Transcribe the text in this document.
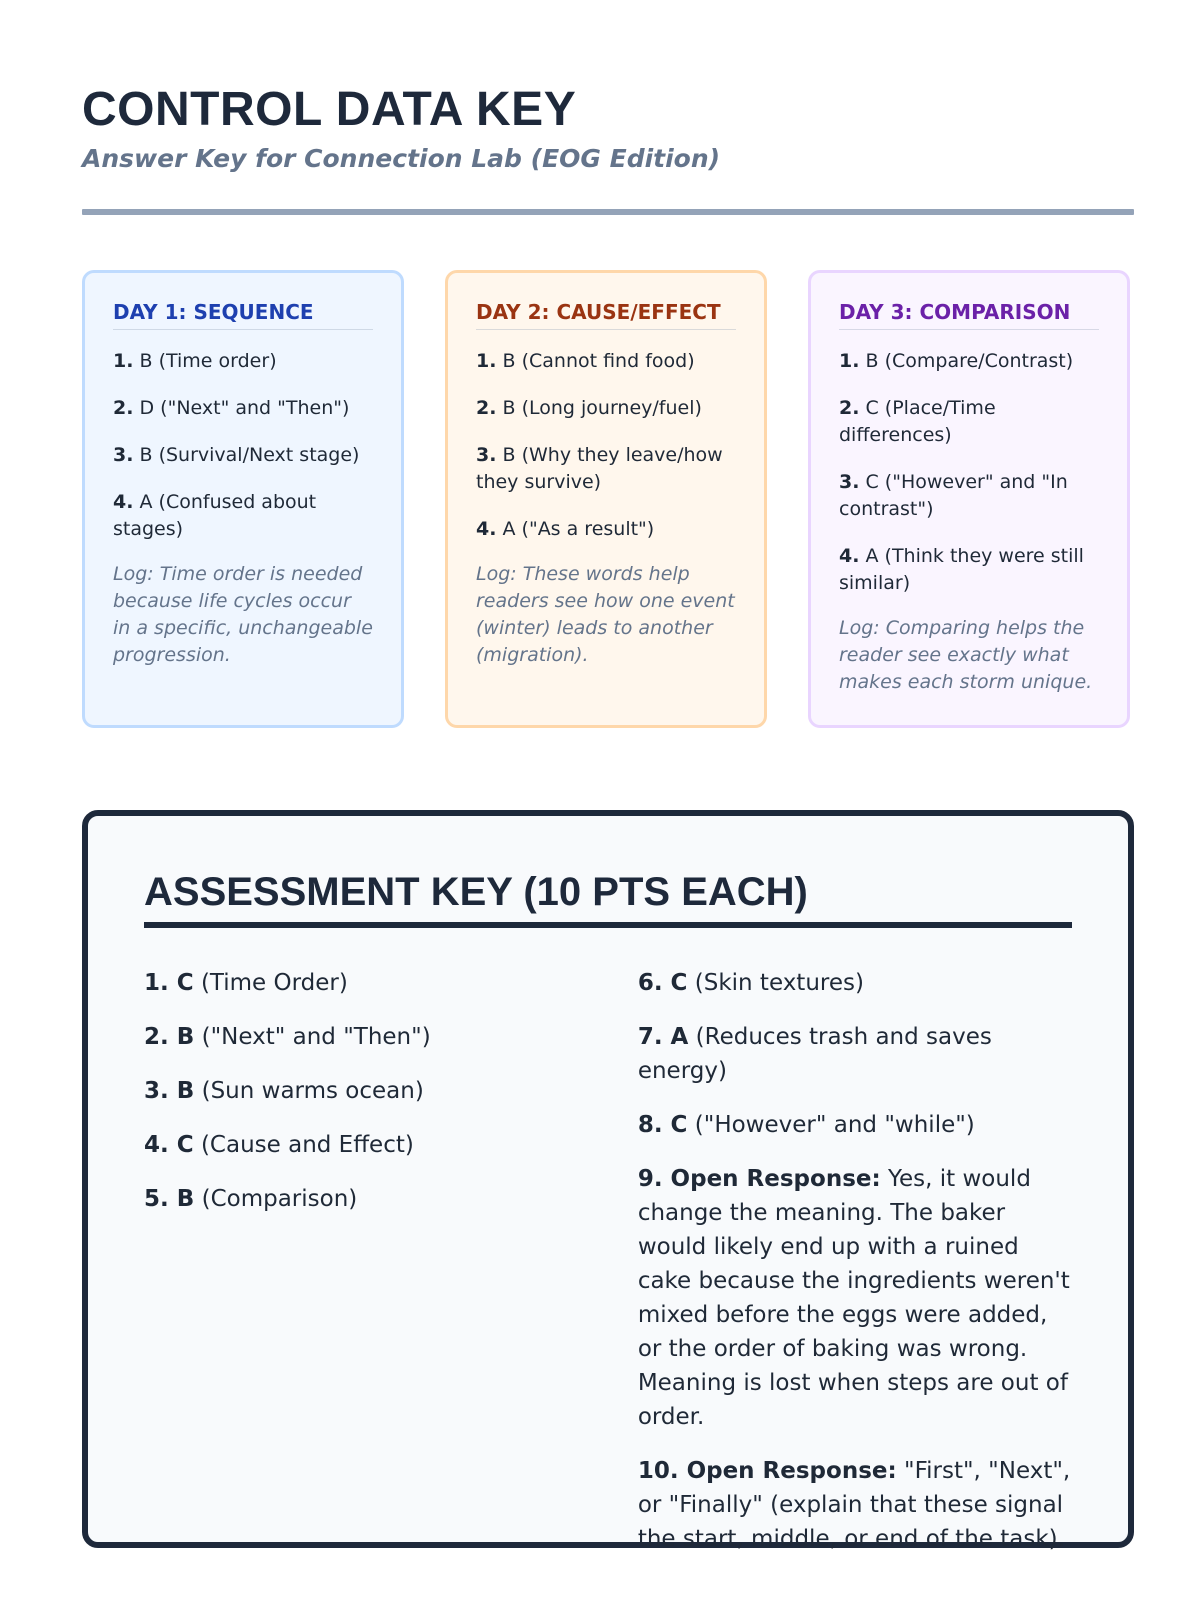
CONTROL DATA KEY
Answer Key for Connection Lab (EOG Edition)
DAY 1: SEQUENCE
1. B (Time order)
2. D ("Next" and "Then")
3. B (Survival/Next stage)
4. A (Confused about stages)
Log: Time order is needed because life cycles occur in a specific, unchangeable progression.
DAY 2: CAUSE/EFFECT
1. B (Cannot find food)
2. B (Long journey/fuel)
3. B (Why they leave/how they survive)
4. A ("As a result")
Log: These words help readers see how one event (winter) leads to another (migration).
DAY 3: COMPARISON
1. B (Compare/Contrast)
2. C (Place/Time differences)
3. C ("However" and "In contrast")
4. A (Think they were still similar)
Log: Comparing helps the reader see exactly what makes each storm unique.
ASSESSMENT KEY (10 PTS EACH)
1. C (Time Order)
2. B ("Next" and "Then")
3. B (Sun warms ocean)
4. C (Cause and Effect)
5. B (Comparison)
6. C (Skin textures)
7. A (Reduces trash and saves energy)
8. C ("However" and "while")
9. Open Response: Yes, it would change the meaning. The baker would likely end up with a ruined cake because the ingredients weren't mixed before the eggs were added, or the order of baking was wrong. Meaning is lost when steps are out of order.
10. Open Response: "First", "Next", or "Finally" (explain that these signal the start, middle, or end of the task).
